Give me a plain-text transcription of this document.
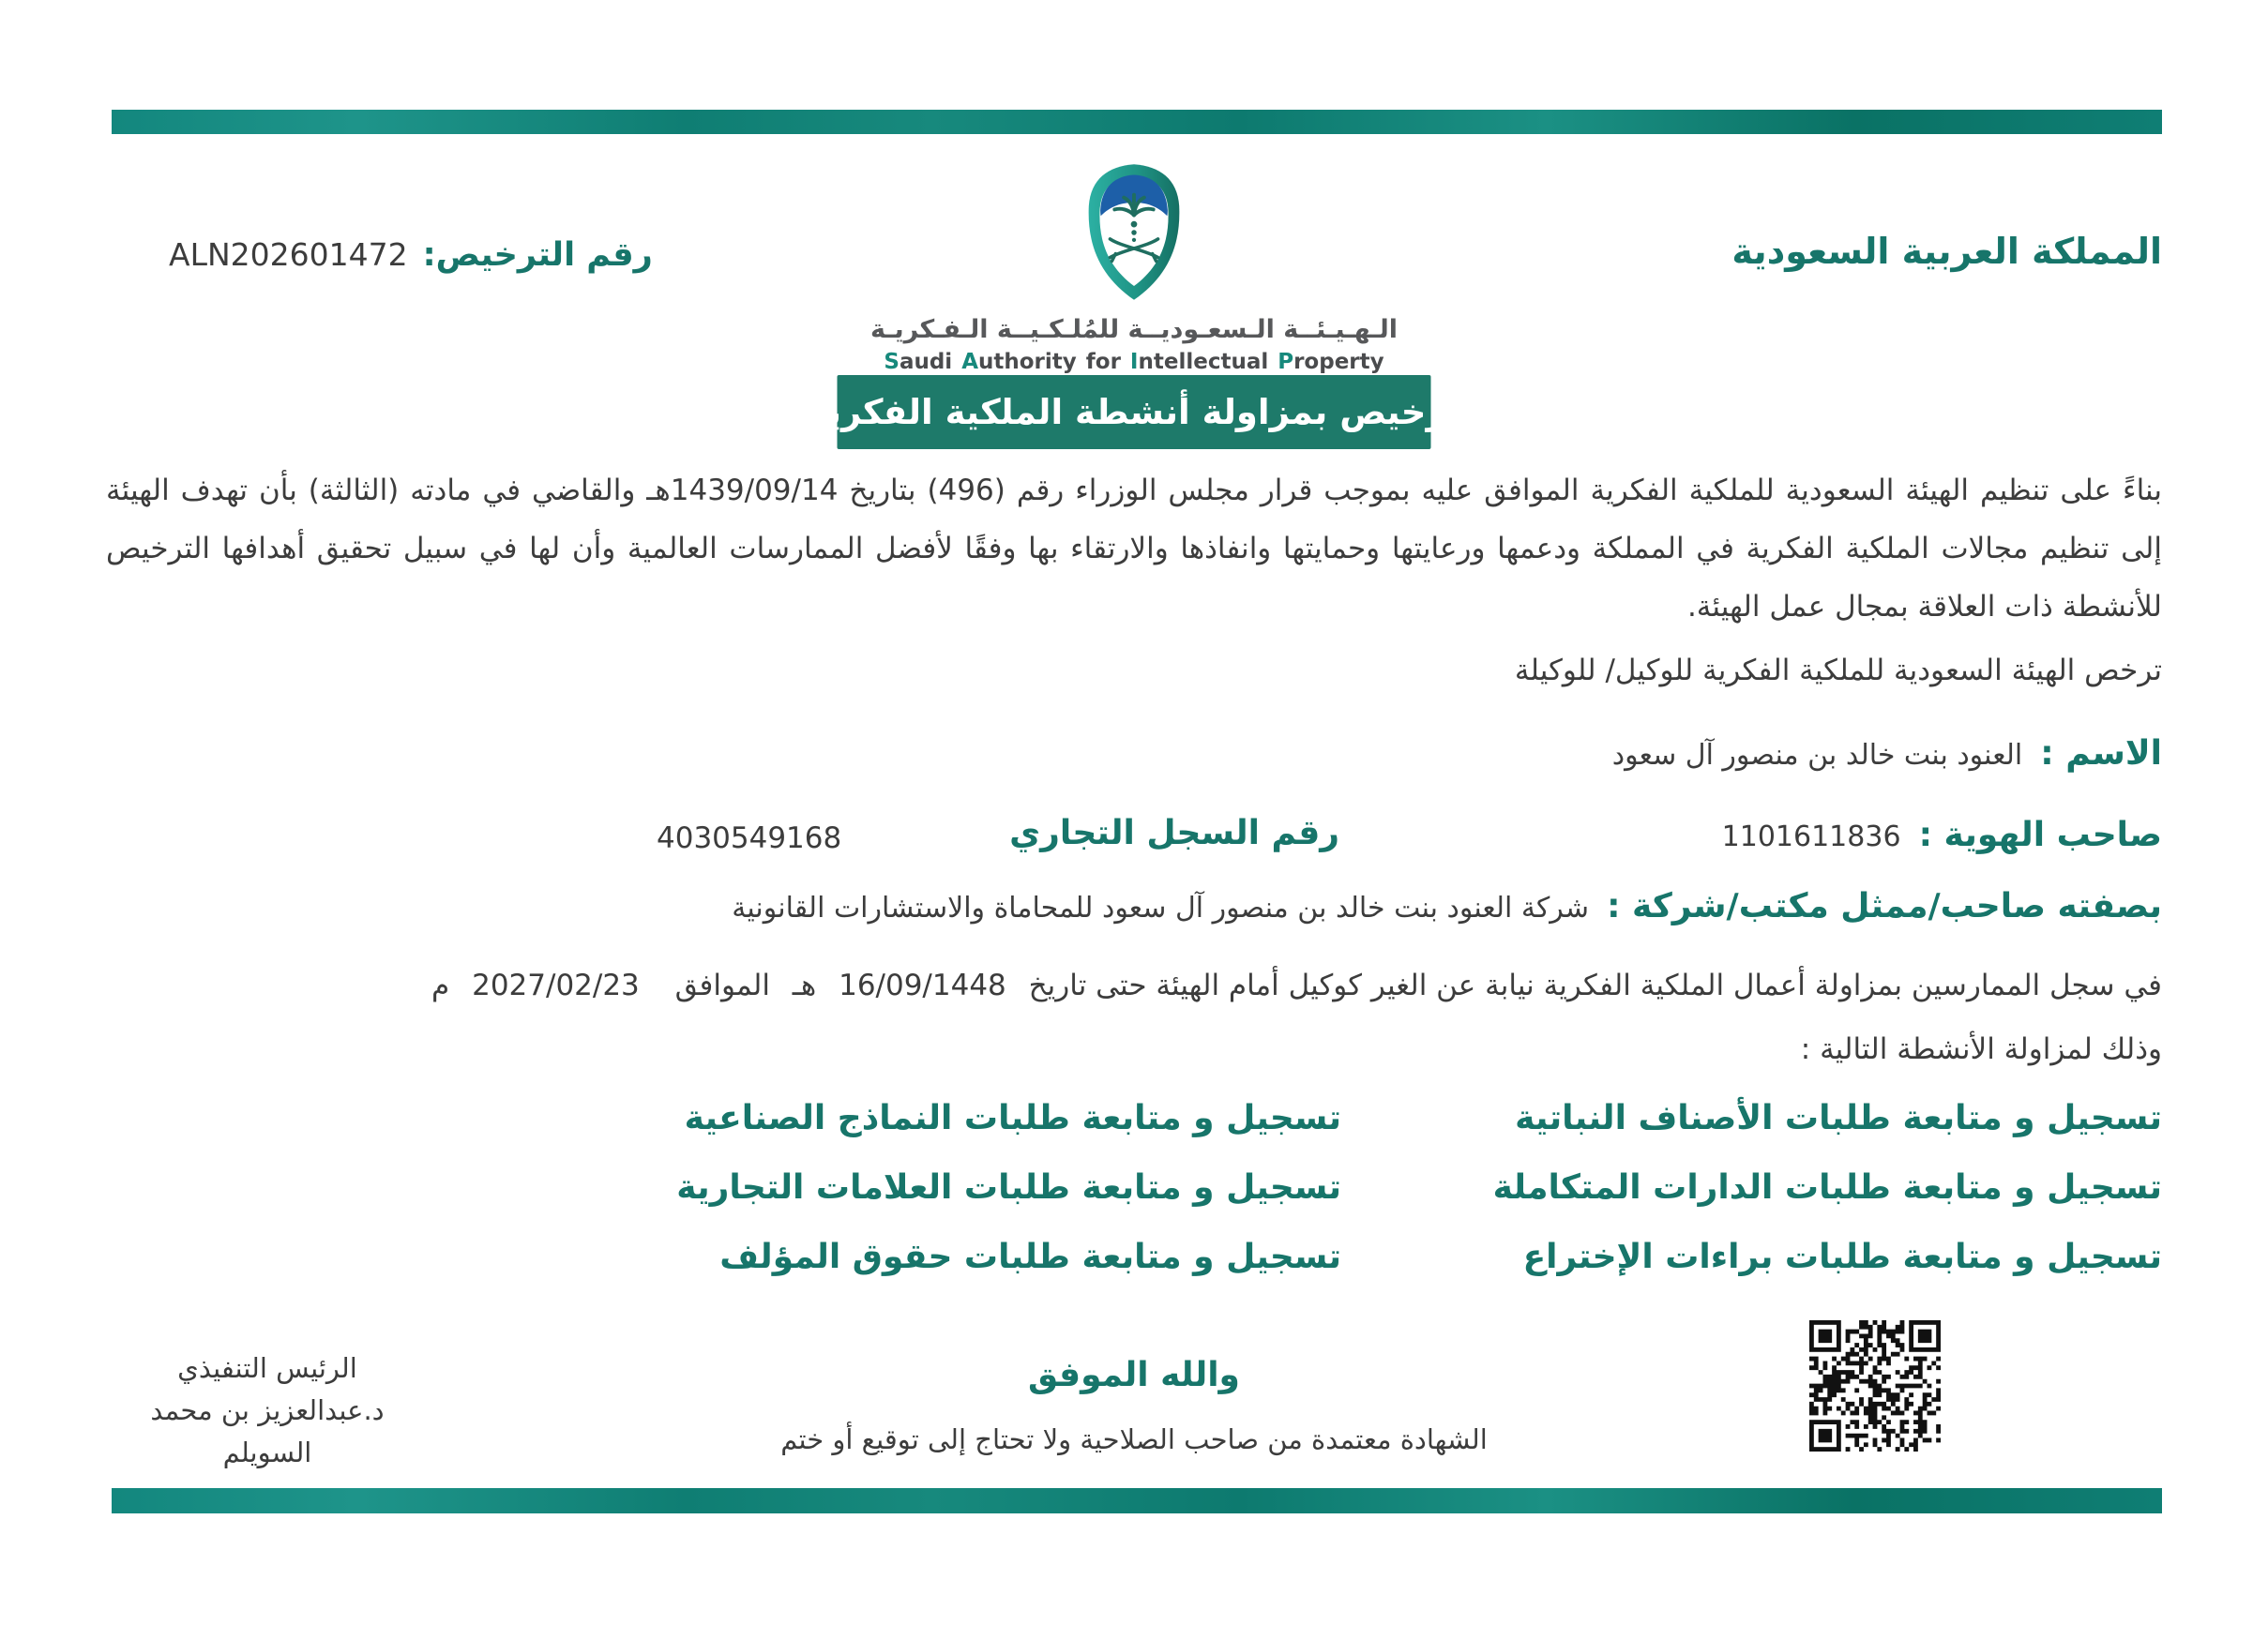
المملكة العربية السعودية
رقم الترخيص:
ALN202601472
الـهـيـئــة الـسعـوديــة للمُلـكـيــة الـفـكريـة
Saudi Authority for Intellectual Property
ترخيص بمزاولة أنشطة الملكية الفكرية
بناءً على تنظيم الهيئة السعودية للملكية الفكرية الموافق عليه بموجب قرار مجلس الوزراء رقم (496) بتاريخ 1439/09/14هـ والقاضي في مادته (الثالثة) بأن تهدف الهيئة إلى تنظيم مجالات الملكية الفكرية في المملكة ودعمها ورعايتها وحمايتها وانفاذها والارتقاء بها وفقًا لأفضل الممارسات العالمية وأن لها في سبيل تحقيق أهدافها الترخيص للأنشطة ذات العلاقة بمجال عمل الهيئة.
ترخص الهيئة السعودية للملكية الفكرية للوكيل/ للوكيلة
الاسم : العنود بنت خالد بن منصور آل سعود
صاحب الهوية : 1101611836
رقم السجل التجاري
4030549168
بصفته صاحب/ممثل مكتب/شركة : شركة العنود بنت خالد بن منصور آل سعود للمحاماة والاستشارات القانونية
في سجل الممارسين بمزاولة أعمال الملكية الفكرية نيابة عن الغير كوكيل أمام الهيئة حتى تاريخ 16/09/1448 هـ الموافق 2027/02/23 م
وذلك لمزاولة الأنشطة التالية :
تسجيل و متابعة طلبات الأصناف النباتية
تسجيل و متابعة طلبات الدارات المتكاملة
تسجيل و متابعة طلبات براءات الإختراع
تسجيل و متابعة طلبات النماذج الصناعية
تسجيل و متابعة طلبات العلامات التجارية
تسجيل و متابعة طلبات حقوق المؤلف
والله الموفق
الشهادة معتمدة من صاحب الصلاحية ولا تحتاج إلى توقيع أو ختم
الرئيس التنفيذي
د.عبدالعزيز بن محمد السويلم
